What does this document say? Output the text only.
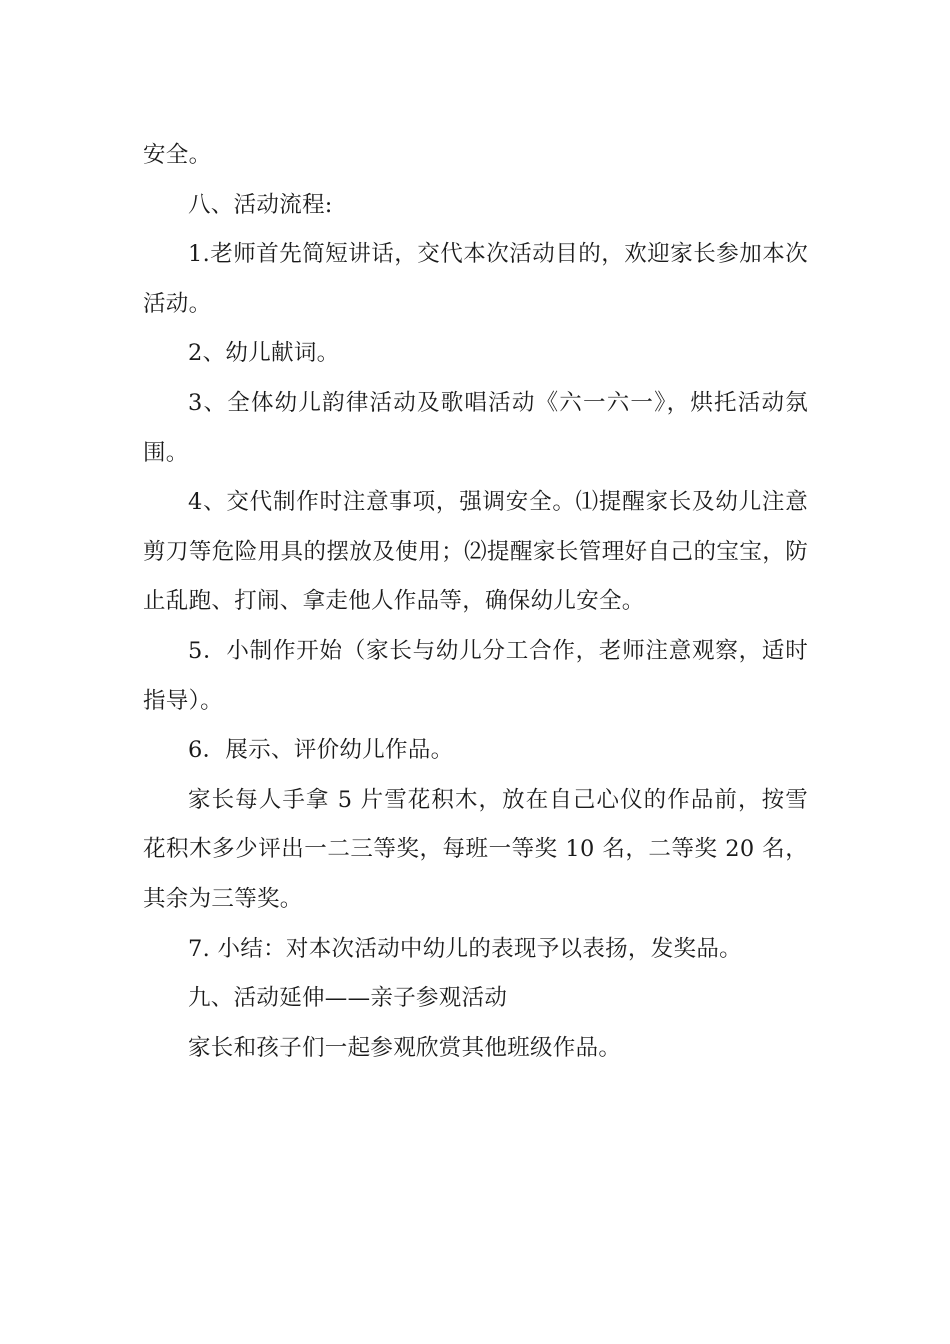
安全。

八、活动流程:

1.老师首先简短讲话，交代本次活动目的，欢迎家长参加本次活动。

2、幼儿献词。

3、全体幼儿韵律活动及歌唱活动《六一六一》，烘托活动氛围。

4、交代制作时注意事项，强调安全。⑴提醒家长及幼儿注意剪刀等危险用具的摆放及使用；⑵提醒家长管理好自己的宝宝，防止乱跑、打闹、拿走他人作品等，确保幼儿安全。

5．小制作开始（家长与幼儿分工合作，老师注意观察，适时指导）。

6．展示、评价幼儿作品。

家长每人手拿 5 片雪花积木，放在自己心仪的作品前，按雪花积木多少评出一二三等奖，每班一等奖 10 名，二等奖 20 名，其余为三等奖。

7. 小结：对本次活动中幼儿的表现予以表扬，发奖品。

九、活动延伸——亲子参观活动

家长和孩子们一起参观欣赏其他班级作品。
